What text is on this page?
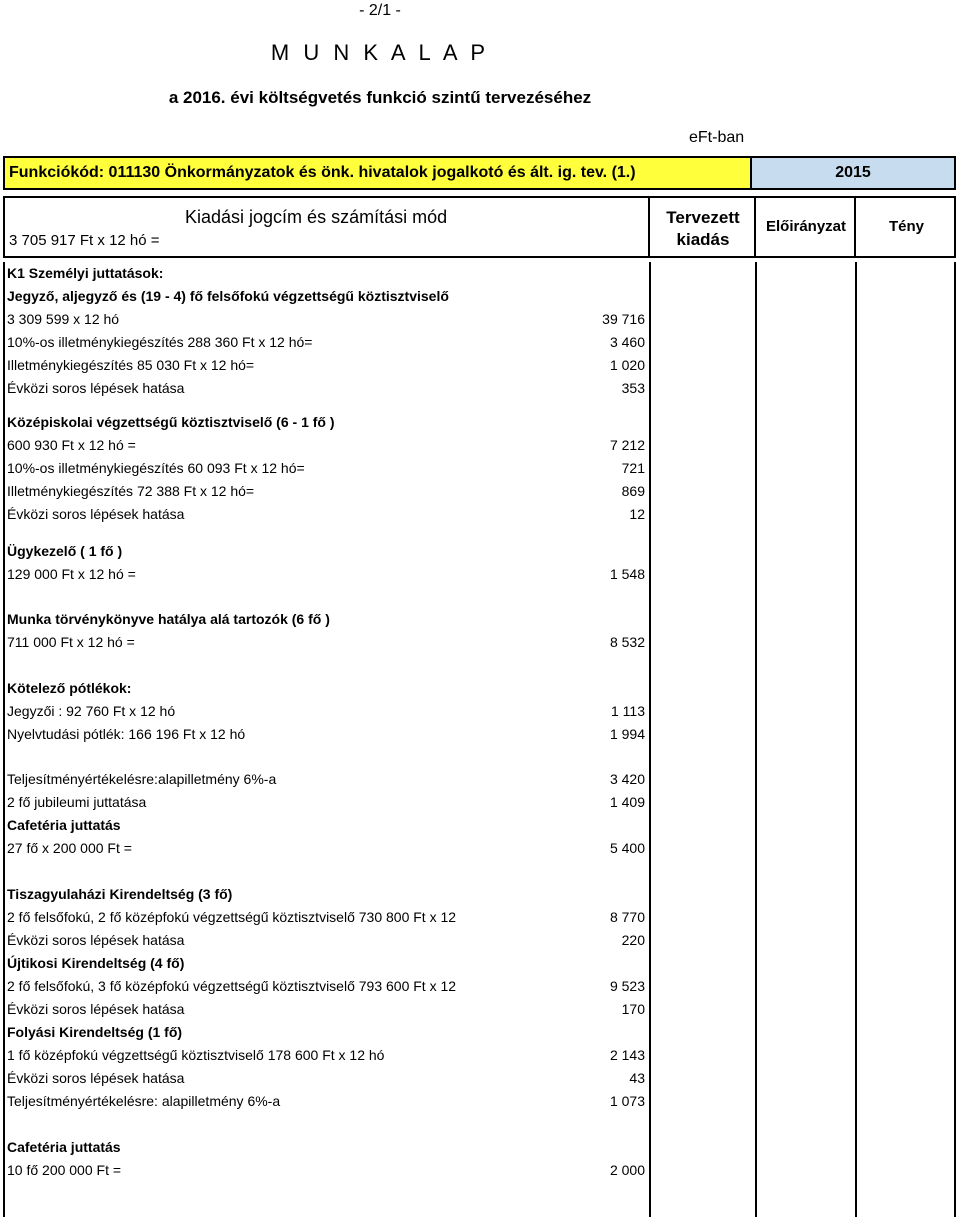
- 2/1 -
M U N K A L A P
a 2016. évi költségvetés funkció szintű tervezéséhez
eFt-ban
Funkciókód: 011130 Önkormányzatok és önk. hivatalok jogalkotó és ált. ig. tev. (1.)	2015
Kiadási jogcím és számítási mód
3 705 917 Ft x 12 hó =
Tervezett
kiadás
Előirányzat	Tény
K1 Személyi juttatások:
Jegyző, aljegyző és (19 - 4) fő felsőfokú végzettségű köztisztviselő
3 309 599 x 12 hó	39 716
10%-os illetménykiegészítés 288 360 Ft x 12 hó=	3 460
Illetménykiegészítés 85 030 Ft x 12 hó=	1 020
Évközi soros lépések hatása	353
Középiskolai végzettségű köztisztviselő (6 - 1 fő )
600 930 Ft x 12 hó =	7 212
10%-os illetménykiegészítés 60 093 Ft x 12 hó=	721
Illetménykiegészítés 72 388 Ft x 12 hó=	869
Évközi soros lépések hatása	12
Ügykezelő ( 1 fő )
129 000 Ft x 12 hó =	1 548
Munka törvénykönyve hatálya alá tartozók (6 fő )
711 000 Ft x 12 hó =	8 532
Kötelező pótlékok:
Jegyzői : 92 760 Ft x 12 hó	1 113
Nyelvtudási pótlék: 166 196 Ft x 12 hó	1 994
Teljesítményértékelésre:alapilletmény 6%-a	3 420
2 fő jubileumi juttatása	1 409
Cafetéria juttatás
27 fő x 200 000 Ft =	5 400
Tiszagyulaházi Kirendeltség (3 fő)
2 fő felsőfokú, 2 fő középfokú végzettségű köztisztviselő 730 800 Ft x 12	8 770
Évközi soros lépések hatása	220
Újtikosi Kirendeltség (4 fő)
2 fő felsőfokú, 3 fő középfokú végzettségű köztisztviselő 793 600 Ft x 12	9 523
Évközi soros lépések hatása	170
Folyási Kirendeltség (1 fő)
1 fő középfokú végzettségű köztisztviselő 178 600 Ft x 12 hó	2 143
Évközi soros lépések hatása	43
Teljesítményértékelésre: alapilletmény 6%-a	1 073
Cafetéria juttatás
10 fő 200 000 Ft =	2 000
